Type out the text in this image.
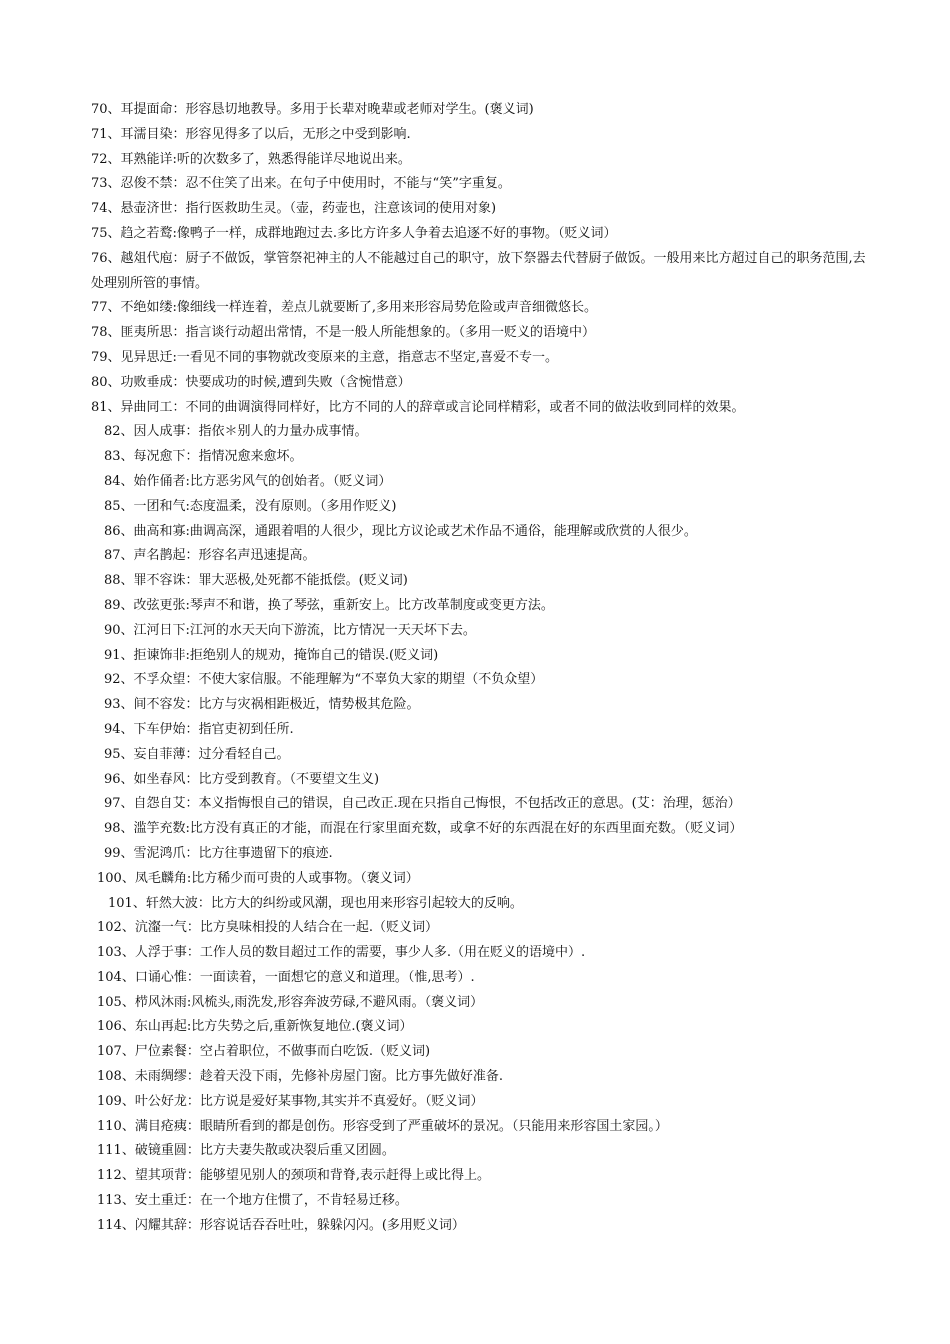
70、耳提面命：形容恳切地教导。多用于长辈对晚辈或老师对学生。(褒义词)
71、耳濡目染：形容见得多了以后，无形之中受到影响.
72、耳熟能详:听的次数多了，熟悉得能详尽地说出来。
73、忍俊不禁：忍不住笑了出来。在句子中使用时，不能与“笑”字重复。
74、悬壶济世：指行医救助生灵。（壶，药壶也，注意该词的使用对象)
75、趋之若鹜:像鸭子一样，成群地跑过去.多比方许多人争着去追逐不好的事物。（贬义词）
76、越俎代庖：厨子不做饭，掌管祭祀神主的人不能越过自己的职守，放下祭器去代替厨子做饭。一般用来比方超过自己的职务范围,去处理别所管的事情。
77、不绝如缕:像细线一样连着，差点儿就要断了,多用来形容局势危险或声音细微悠长。
78、匪夷所思：指言谈行动超出常情，不是一般人所能想象的。（多用一贬义的语境中）
79、见异思迁:一看见不同的事物就改变原来的主意，指意志不坚定,喜爱不专一。
80、功败垂成：快要成功的时候,遭到失败（含惋惜意）
81、异曲同工：不同的曲调演得同样好，比方不同的人的辞章或言论同样精彩，或者不同的做法收到同样的效果。
82、因人成事：指依＊别人的力量办成事情。
83、每况愈下：指情况愈来愈坏。
84、始作俑者:比方恶劣风气的创始者。（贬义词）
85、一团和气:态度温柔，没有原则。（多用作贬义)
86、曲高和寡:曲调高深，通跟着唱的人很少，现比方议论或艺术作品不通俗，能理解或欣赏的人很少。
87、声名鹊起：形容名声迅速提高。
88、罪不容诛：罪大恶极,处死都不能抵偿。(贬义词)
89、改弦更张:琴声不和谐，换了琴弦，重新安上。比方改革制度或变更方法。
90、江河日下:江河的水天天向下游流，比方情况一天天坏下去。
91、拒谏饰非:拒绝别人的规劝，掩饰自己的错误.(贬义词)
92、不孚众望：不使大家信服。不能理解为“不辜负大家的期望（不负众望）
93、间不容发：比方与灾祸相距极近，情势极其危险。
94、下车伊始：指官吏初到任所.
95、妄自菲薄：过分看轻自己。
96、如坐春风：比方受到教育。（不要望文生义)
97、自怨自艾：本义指悔恨自己的错误，自己改正.现在只指自己悔恨，不包括改正的意思。(艾：治理，惩治）
98、滥竽充数:比方没有真正的才能，而混在行家里面充数，或拿不好的东西混在好的东西里面充数。（贬义词）
99、雪泥鸿爪：比方往事遗留下的痕迹.
100、凤毛麟角:比方稀少而可贵的人或事物。（褒义词）
101、轩然大波：比方大的纠纷或风潮，现也用来形容引起较大的反响。
102、沆瀣一气：比方臭味相投的人结合在一起.（贬义词）
103、人浮于事：工作人员的数目超过工作的需要，事少人多.（用在贬义的语境中）.
104、口诵心惟：一面读着，一面想它的意义和道理。（惟,思考）.
105、栉风沐雨:风梳头,雨洗发,形容奔波劳碌,不避风雨。（褒义词）
106、东山再起:比方失势之后,重新恢复地位.(褒义词）
107、尸位素餐：空占着职位，不做事而白吃饭.（贬义词)
108、未雨绸缪：趁着天没下雨，先修补房屋门窗。比方事先做好准备.
109、叶公好龙：比方说是爱好某事物,其实并不真爱好。（贬义词）
110、满目疮痍：眼睛所看到的都是创伤。形容受到了严重破坏的景况。（只能用来形容国土家园。）
111、破镜重圆：比方夫妻失散或决裂后重又团圆。
112、望其项背：能够望见别人的颈项和背脊,表示赶得上或比得上。
113、安土重迁：在一个地方住惯了，不肯轻易迁移。
114、闪耀其辞：形容说话吞吞吐吐，躲躲闪闪。(多用贬义词）
